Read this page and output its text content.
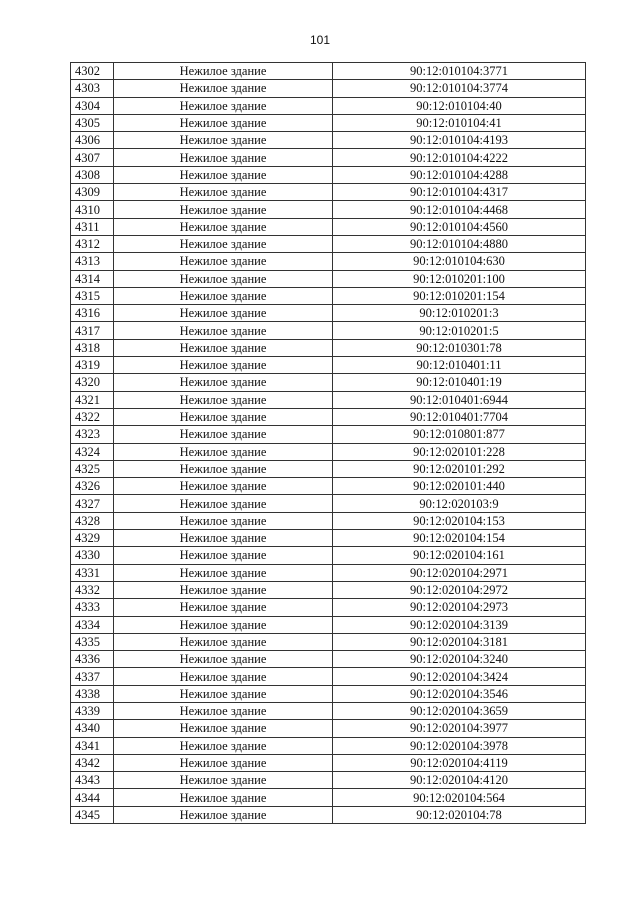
101
4302	Нежилое здание	90:12:010104:3771
4303	Нежилое здание	90:12:010104:3774
4304	Нежилое здание	90:12:010104:40
4305	Нежилое здание	90:12:010104:41
4306	Нежилое здание	90:12:010104:4193
4307	Нежилое здание	90:12:010104:4222
4308	Нежилое здание	90:12:010104:4288
4309	Нежилое здание	90:12:010104:4317
4310	Нежилое здание	90:12:010104:4468
4311	Нежилое здание	90:12:010104:4560
4312	Нежилое здание	90:12:010104:4880
4313	Нежилое здание	90:12:010104:630
4314	Нежилое здание	90:12:010201:100
4315	Нежилое здание	90:12:010201:154
4316	Нежилое здание	90:12:010201:3
4317	Нежилое здание	90:12:010201:5
4318	Нежилое здание	90:12:010301:78
4319	Нежилое здание	90:12:010401:11
4320	Нежилое здание	90:12:010401:19
4321	Нежилое здание	90:12:010401:6944
4322	Нежилое здание	90:12:010401:7704
4323	Нежилое здание	90:12:010801:877
4324	Нежилое здание	90:12:020101:228
4325	Нежилое здание	90:12:020101:292
4326	Нежилое здание	90:12:020101:440
4327	Нежилое здание	90:12:020103:9
4328	Нежилое здание	90:12:020104:153
4329	Нежилое здание	90:12:020104:154
4330	Нежилое здание	90:12:020104:161
4331	Нежилое здание	90:12:020104:2971
4332	Нежилое здание	90:12:020104:2972
4333	Нежилое здание	90:12:020104:2973
4334	Нежилое здание	90:12:020104:3139
4335	Нежилое здание	90:12:020104:3181
4336	Нежилое здание	90:12:020104:3240
4337	Нежилое здание	90:12:020104:3424
4338	Нежилое здание	90:12:020104:3546
4339	Нежилое здание	90:12:020104:3659
4340	Нежилое здание	90:12:020104:3977
4341	Нежилое здание	90:12:020104:3978
4342	Нежилое здание	90:12:020104:4119
4343	Нежилое здание	90:12:020104:4120
4344	Нежилое здание	90:12:020104:564
4345	Нежилое здание	90:12:020104:78
